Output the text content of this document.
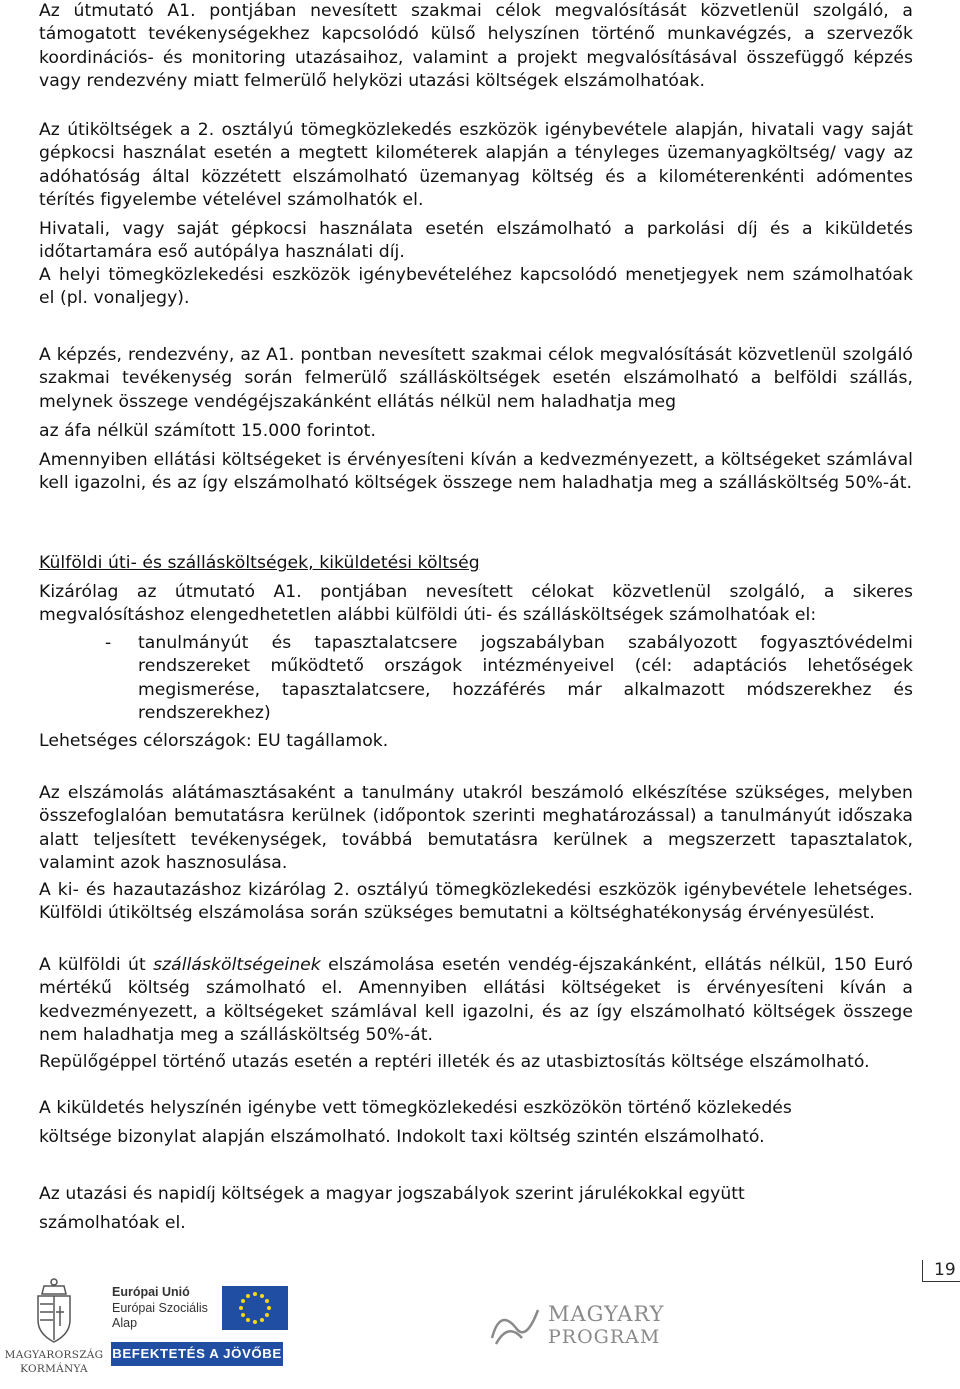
Az útmutató A1. pontjában nevesített szakmai célok megvalósítását közvetlenül szolgáló, a támogatott tevékenységekhez kapcsolódó külső helyszínen történő munkavégzés, a szervezők koordinációs- és monitoring utazásaihoz, valamint a projekt megvalósításával összefüggő képzés vagy rendezvény miatt felmerülő helyközi utazási költségek elszámolhatóak.

Az útiköltségek a 2. osztályú tömegközlekedés eszközök igénybevétele alapján, hivatali vagy saját gépkocsi használat esetén a megtett kilométerek alapján a tényleges üzemanyagköltség/ vagy az adóhatóság által közzétett elszámolható üzemanyag költség és a kilométerenkénti adómentes térítés figyelembe vételével számolhatók el.

Hivatali, vagy saját gépkocsi használata esetén elszámolható a parkolási díj és a kiküldetés időtartamára eső autópálya használati díj.

A helyi tömegközlekedési eszközök igénybevételéhez kapcsolódó menetjegyek nem számolhatóak el (pl. vonaljegy).

A képzés, rendezvény, az A1. pontban nevesített szakmai célok megvalósítását közvetlenül szolgáló szakmai tevékenység során felmerülő szállásköltségek esetén elszámolható a belföldi szállás, melynek összege vendégéjszakánként ellátás nélkül nem haladhatja meg

az áfa nélkül számított 15.000 forintot.

Amennyiben ellátási költségeket is érvényesíteni kíván a kedvezményezett, a költségeket számlával kell igazolni, és az így elszámolható költségek összege nem haladhatja meg a szállásköltség 50%-át.

Külföldi úti- és szállásköltségek, kiküldetési költség

Kizárólag az útmutató A1. pontjában nevesített célokat közvetlenül szolgáló, a sikeres megvalósításhoz elengedhetetlen alábbi külföldi úti- és szállásköltségek számolhatóak el:

-	tanulmányút és tapasztalatcsere jogszabályban szabályozott fogyasztóvédelmi rendszereket működtető országok intézményeivel (cél: adaptációs lehetőségek megismerése, tapasztalatcsere, hozzáférés már alkalmazott módszerekhez és rendszerekhez)

Lehetséges célországok: EU tagállamok.

Az elszámolás alátámasztásaként a tanulmány utakról beszámoló elkészítése szükséges, melyben összefoglalóan bemutatásra kerülnek (időpontok szerinti meghatározással) a tanulmányút időszaka alatt teljesített tevékenységek, továbbá bemutatásra kerülnek a megszerzett tapasztalatok, valamint azok hasznosulása.

A ki- és hazautazáshoz kizárólag 2. osztályú tömegközlekedési eszközök igénybevétele lehetséges. Külföldi útiköltség elszámolása során szükséges bemutatni a költséghatékonyság érvényesülést.

A külföldi út szállásköltségeinek elszámolása esetén vendég-éjszakánként, ellátás nélkül, 150 Euró mértékű költség számolható el. Amennyiben ellátási költségeket is érvényesíteni kíván a kedvezményezett, a költségeket számlával kell igazolni, és az így elszámolható költségek összege nem haladhatja meg a szállásköltség 50%-át.

Repülőgéppel történő utazás esetén a reptéri illeték és az utasbiztosítás költsége elszámolható.

A kiküldetés helyszínén igénybe vett tömegközlekedési eszközökön történő közlekedés

költsége bizonylat alapján elszámolható. Indokolt taxi költség szintén elszámolható.

Az utazási és napidíj költségek a magyar jogszabályok szerint járulékokkal együtt

számolhatóak el.

19
MAGYARORSZÁG
KORMÁNYA
Európai Unió
Európai Szociális
Alap
BEFEKTETÉS A JÖVŐBE
MAGYARY
PROGRAM
